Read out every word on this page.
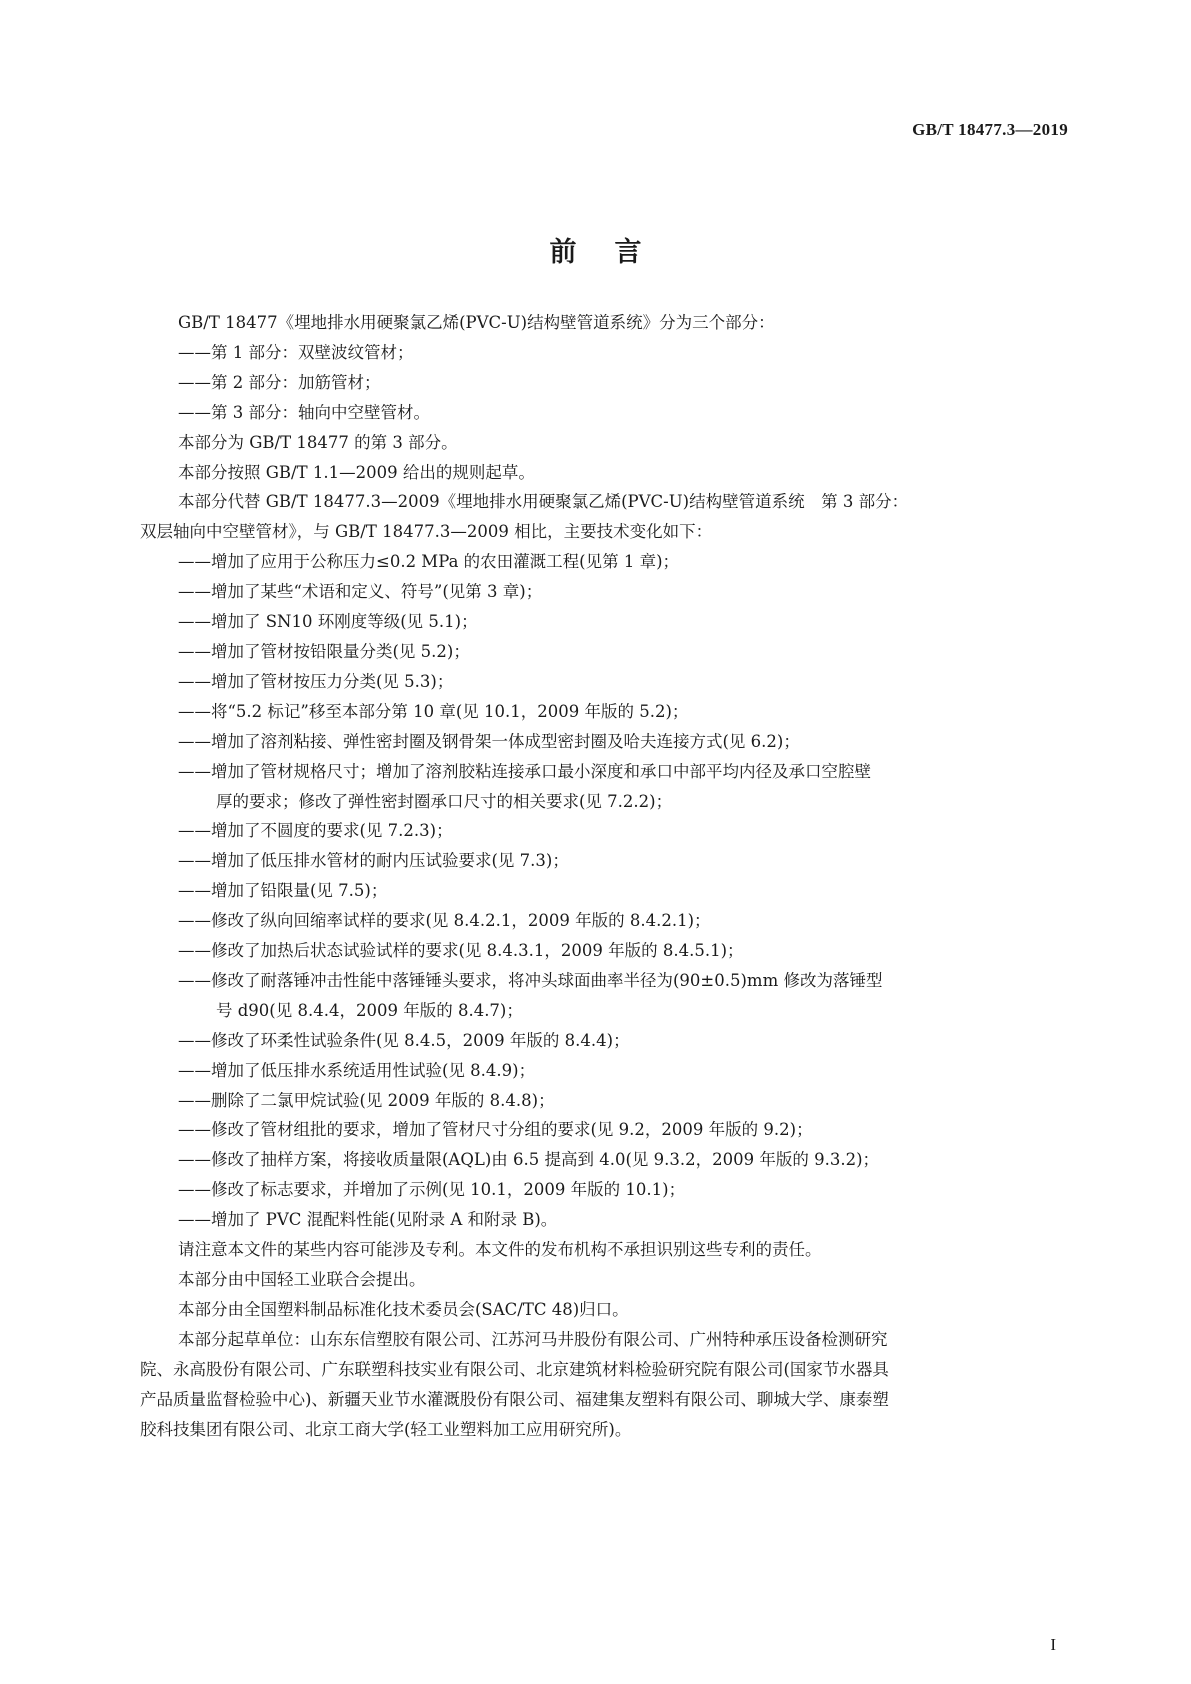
GB/T 18477.3—2019
前言
GB/T 18477《埋地排水用硬聚氯乙烯(PVC-U)结构壁管道系统》分为三个部分：
——第 1 部分：双壁波纹管材；
——第 2 部分：加筋管材；
——第 3 部分：轴向中空壁管材。
本部分为 GB/T 18477 的第 3 部分。
本部分按照 GB/T 1.1—2009 给出的规则起草。
本部分代替 GB/T 18477.3—2009《埋地排水用硬聚氯乙烯(PVC-U)结构壁管道系统　第 3 部分：
双层轴向中空壁管材》，与 GB/T 18477.3—2009 相比，主要技术变化如下：
——增加了应用于公称压力≤0.2 MPa 的农田灌溉工程(见第 1 章)；
——增加了某些“术语和定义、符号”(见第 3 章)；
——增加了 SN10 环刚度等级(见 5.1)；
——增加了管材按铅限量分类(见 5.2)；
——增加了管材按压力分类(见 5.3)；
——将“5.2 标记”移至本部分第 10 章(见 10.1，2009 年版的 5.2)；
——增加了溶剂粘接、弹性密封圈及钢骨架一体成型密封圈及哈夫连接方式(见 6.2)；
——增加了管材规格尺寸；增加了溶剂胶粘连接承口最小深度和承口中部平均内径及承口空腔壁
厚的要求；修改了弹性密封圈承口尺寸的相关要求(见 7.2.2)；
——增加了不圆度的要求(见 7.2.3)；
——增加了低压排水管材的耐内压试验要求(见 7.3)；
——增加了铅限量(见 7.5)；
——修改了纵向回缩率试样的要求(见 8.4.2.1，2009 年版的 8.4.2.1)；
——修改了加热后状态试验试样的要求(见 8.4.3.1，2009 年版的 8.4.5.1)；
——修改了耐落锤冲击性能中落锤锤头要求，将冲头球面曲率半径为(90±0.5)mm 修改为落锤型
号 d90(见 8.4.4，2009 年版的 8.4.7)；
——修改了环柔性试验条件(见 8.4.5，2009 年版的 8.4.4)；
——增加了低压排水系统适用性试验(见 8.4.9)；
——删除了二氯甲烷试验(见 2009 年版的 8.4.8)；
——修改了管材组批的要求，增加了管材尺寸分组的要求(见 9.2，2009 年版的 9.2)；
——修改了抽样方案，将接收质量限(AQL)由 6.5 提高到 4.0(见 9.3.2，2009 年版的 9.3.2)；
——修改了标志要求，并增加了示例(见 10.1，2009 年版的 10.1)；
——增加了 PVC 混配料性能(见附录 A 和附录 B)。
请注意本文件的某些内容可能涉及专利。本文件的发布机构不承担识别这些专利的责任。
本部分由中国轻工业联合会提出。
本部分由全国塑料制品标准化技术委员会(SAC/TC 48)归口。
本部分起草单位：山东东信塑胶有限公司、江苏河马井股份有限公司、广州特种承压设备检测研究
院、永高股份有限公司、广东联塑科技实业有限公司、北京建筑材料检验研究院有限公司(国家节水器具
产品质量监督检验中心)、新疆天业节水灌溉股份有限公司、福建集友塑料有限公司、聊城大学、康泰塑
胶科技集团有限公司、北京工商大学(轻工业塑料加工应用研究所)。
I
